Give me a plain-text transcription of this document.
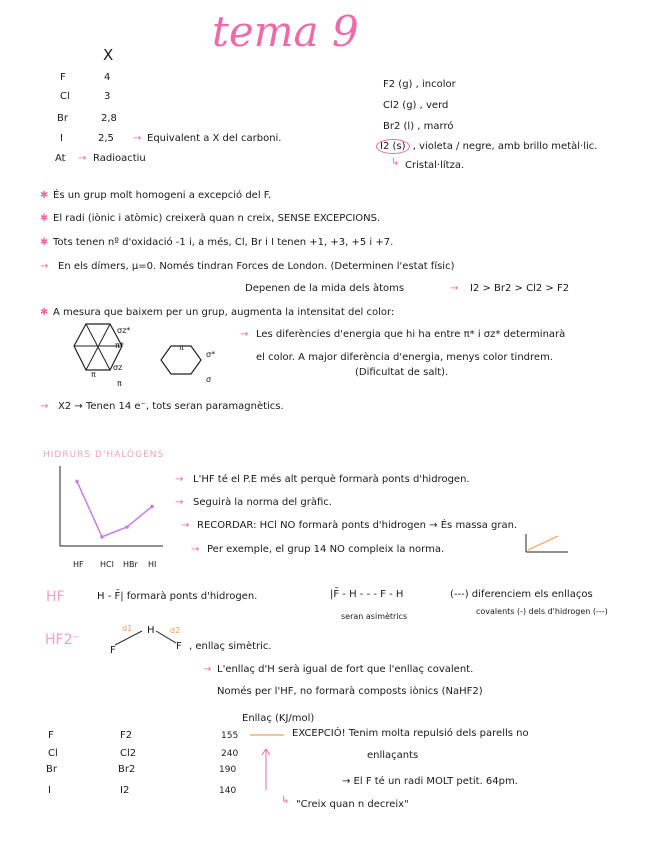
tema 9
X
F	4
Cl	3
Br	2,8
I	2,5 → Equivalent a X del carboni.
At → Radioactiu
F2 (g) , incolor
Cl2 (g) , verd
Br2 (l) , marró
I2 (s) , violeta / negre, amb brillo metàl·lic.
↳ Cristal·lítza.
✱ És un grup molt homogeni a excepció del F.
✱ El radi (iònic i atòmic) creixerà quan n creix, SENSE EXCEPCIONS.
✱ Tots tenen nº d'oxidació -1 i, a més, Cl, Br i I tenen +1, +3, +5 i +7.
→ En els dímers, μ=0. Només tindran Forces de London. (Determinen l'estat físic)
Depenen de la mida dels àtoms	→ I2 > Br2 > Cl2 > F2
✱ A mesura que baixem per un grup, augmenta la intensitat del color:
→ Les diferències d'energia que hi ha entre π* i σz* determinarà
el color. A major diferència d'energia, menys color tindrem.
(Dificultat de salt).
→ X2 → Tenen 14 e⁻, tots seran paramagnètics.
σz*
π*
σz
π
π
π
σ*
σ
HIDRURS D'HALÒGENS
HF HCl HBr HI
→ L'HF té el P.E més alt perquè formarà ponts d'hidrogen.
→ Seguirà la norma del gràfic.
→ RECORDAR: HCl NO formarà ponts d'hidrogen → És massa gran.
→ Per exemple, el grup 14 NO compleix la norma.
HF	H - F̄| formarà ponts d'hidrogen.	|F̄ - H - - - F - H	(---) diferenciem els enllaços
covalents (-) dels d'hidrogen (---)
seran asimètrics
HF2⁻
d1	d2
H
F	F , enllaç simètric.
→ L'enllaç d'H serà igual de fort que l'enllaç covalent.
Només per l'HF, no formarà composts iònics (NaHF2)
Enllaç (KJ/mol)
F	F2	155
Cl	Cl2	240
Br	Br2	190
I	I2	140
EXCEPCIÓ! Tenim molta repulsió dels parells no
enllaçants
→ El F té un radi MOLT petit. 64pm.
↳ "Creix quan n decreix"
